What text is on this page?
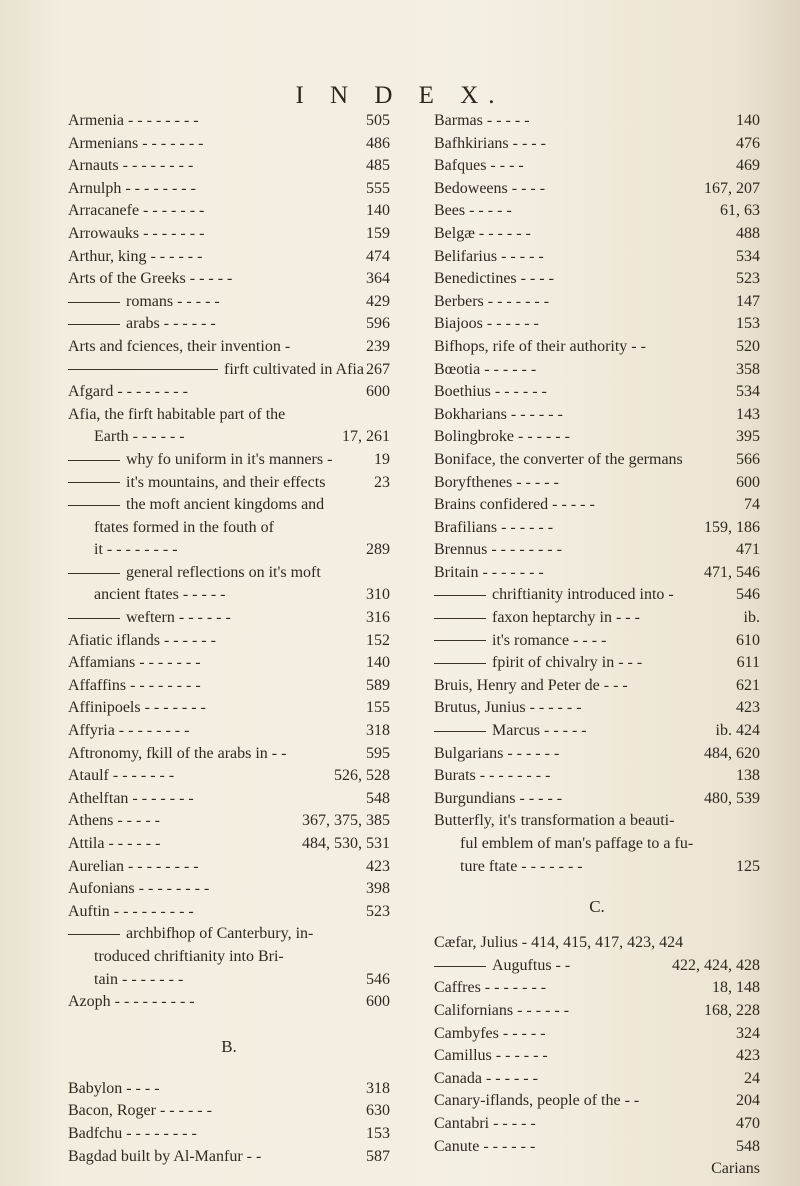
I N D E X.
Armenia - - - - - - - -	505
Armenians - - - - - - -	486
Arnauts - - - - - - - -	485
Arnulph - - - - - - - -	555
Arracanefe - - - - - - -	140
Arrowauks - - - - - - -	159
Arthur, king - - - - - -	474
Arts of the Greeks - - - - -	364
romans - - - - -	429
arabs - - - - - -	596
Arts and fciences, their invention -	239
firft cultivated in Afia 267
Afgard - - - - - - - -	600
Afia, the firft habitable part of the
Earth - - - - - -	17, 261
why fo uniform in it's manners -	19
it's mountains, and their effects	23
the moft ancient kingdoms and
ftates formed in the fouth of
it - - - - - - - -	289
general reflections on it's moft
ancient ftates - - - - -	310
weftern - - - - - -	316
Afiatic iflands - - - - - -	152
Affamians - - - - - - -	140
Affaffins - - - - - - - -	589
Affinipoels - - - - - - -	155
Affyria - - - - - - - -	318
Aftronomy, fkill of the arabs in - -	595
Ataulf - - - - - - -	526, 528
Athelftan - - - - - - -	548
Athens - - - - -	367, 375, 385
Attila - - - - - -	484, 530, 531
Aurelian - - - - - - - -	423
Aufonians - - - - - - - -	398
Auftin - - - - - - - - -	523
archbifhop of Canterbury, in-
troduced chriftianity into Bri-
tain - - - - - - -	546
Azoph - - - - - - - - -	600
B.
Babylon - - - -	318
Bacon, Roger - - - - - -	630
Badfchu - - - - - - - -	153
Bagdad built by Al-Manfur - -	587
Barmas - - - - -	140
Bafhkirians - - - -	476
Bafques - - - -	469
Bedoweens - - - -	167, 207
Bees - - - - -	61, 63
Belgæ - - - - - -	488
Belifarius - - - - -	534
Benedictines - - - -	523
Berbers - - - - - - -	147
Biajoos - - - - - -	153
Bifhops, rife of their authority - -	520
Bœotia - - - - - -	358
Boethius - - - - - -	534
Bokharians - - - - - -	143
Bolingbroke - - - - - -	395
Boniface, the converter of the germans	566
Boryfthenes - - - - -	600
Brains confidered - - - - -	74
Brafilians - - - - - -	159, 186
Brennus - - - - - - - -	471
Britain - - - - - - -	471, 546
chriftianity introduced into -	546
faxon heptarchy in - - -	ib.
it's romance - - - -	610
fpirit of chivalry in - - -	611
Bruis, Henry and Peter de - - -	621
Brutus, Junius - - - - - -	423
Marcus - - - - -	ib. 424
Bulgarians - - - - - -	484, 620
Burats - - - - - - - -	138
Burgundians - - - - -	480, 539
Butterfly, it's transformation a beauti-
ful emblem of man's paffage to a fu-
ture ftate - - - - - - -	125
C.
Cæfar, Julius - 414, 415, 417, 423, 424
Auguftus - -	422, 424, 428
Caffres - - - - - - -	18, 148
Californians - - - - - -	168, 228
Cambyfes - - - - -	324
Camillus - - - - - -	423
Canada - - - - - -	24
Canary-iflands, people of the - -	204
Cantabri - - - - -	470
Canute - - - - - -	548
Carians
